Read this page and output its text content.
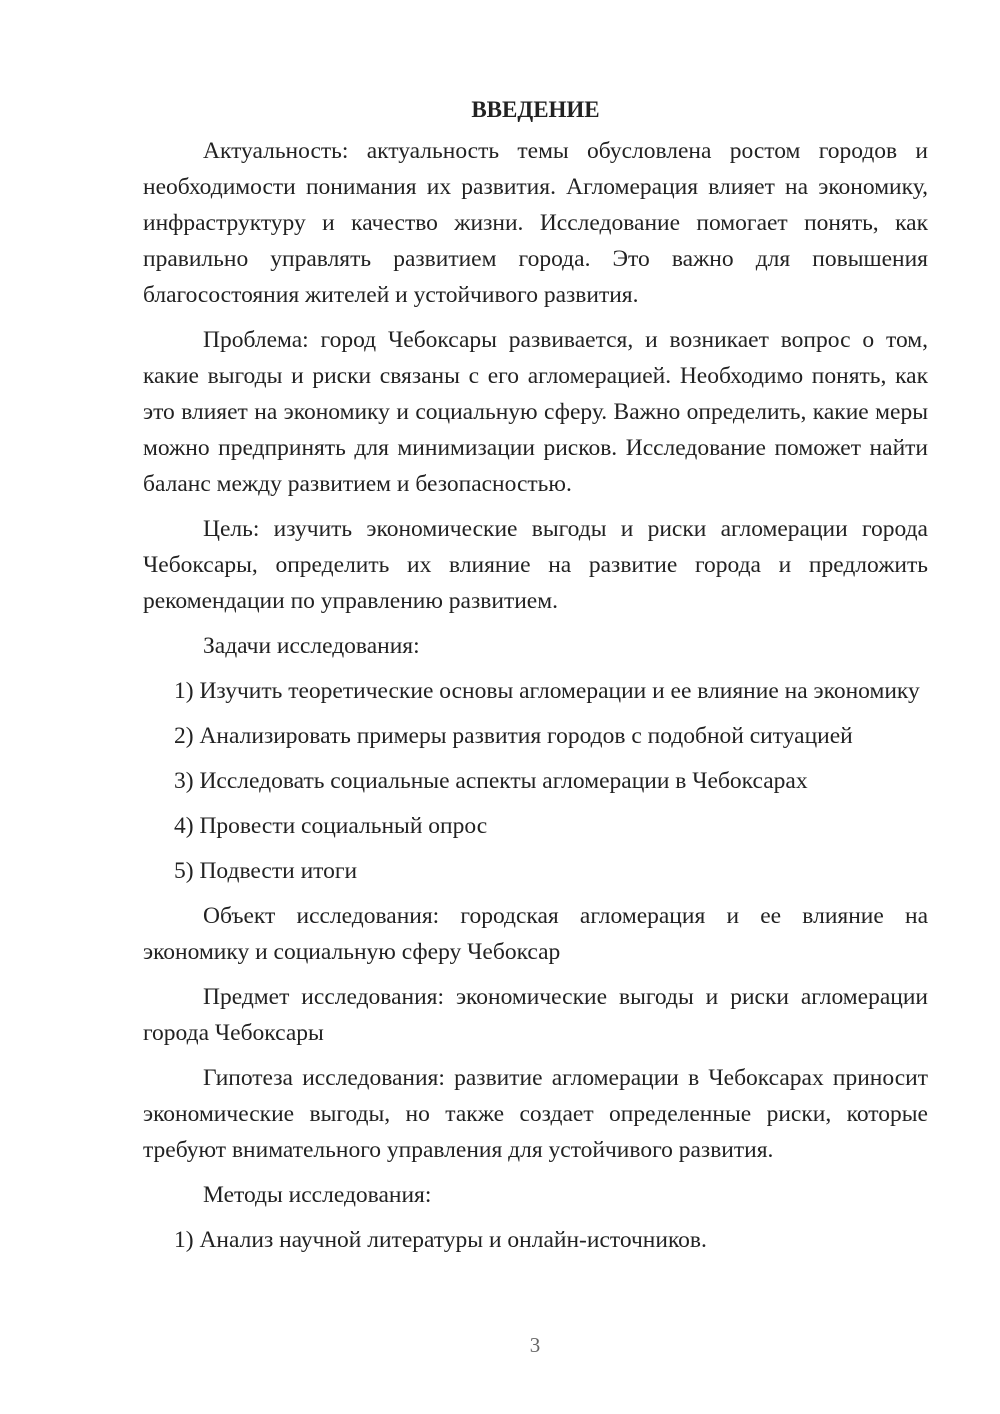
ВВЕДЕНИЕ

Актуальность: актуальность темы обусловлена ростом городов и необходимости понимания их развития. Агломерация влияет на экономику, инфраструктуру и качество жизни. Исследование помогает понять, как правильно управлять развитием города. Это важно для повышения благосостояния жителей и устойчивого развития.

Проблема: город Чебоксары развивается, и возникает вопрос о том, какие выгоды и риски связаны с его агломерацией. Необходимо понять, как это влияет на экономику и социальную сферу. Важно определить, какие меры можно предпринять для минимизации рисков. Исследование поможет найти баланс между развитием и безопасностью.

Цель: изучить экономические выгоды и риски агломерации города Чебоксары, определить их влияние на развитие города и предложить рекомендации по управлению развитием.

Задачи исследования:

1) Изучить теоретические основы агломерации и ее влияние на экономику

2) Анализировать примеры развития городов с подобной ситуацией

3) Исследовать социальные аспекты агломерации в Чебоксарах

4) Провести социальный опрос

5) Подвести итоги

Объект исследования: городская агломерация и ее влияние на экономику и социальную сферу Чебоксар

Предмет исследования: экономические выгоды и риски агломерации города Чебоксары

Гипотеза исследования: развитие агломерации в Чебоксарах приносит экономические выгоды, но также создает определенные риски, которые требуют внимательного управления для устойчивого развития.

Методы исследования:

1) Анализ научной литературы и онлайн-источников.

3
